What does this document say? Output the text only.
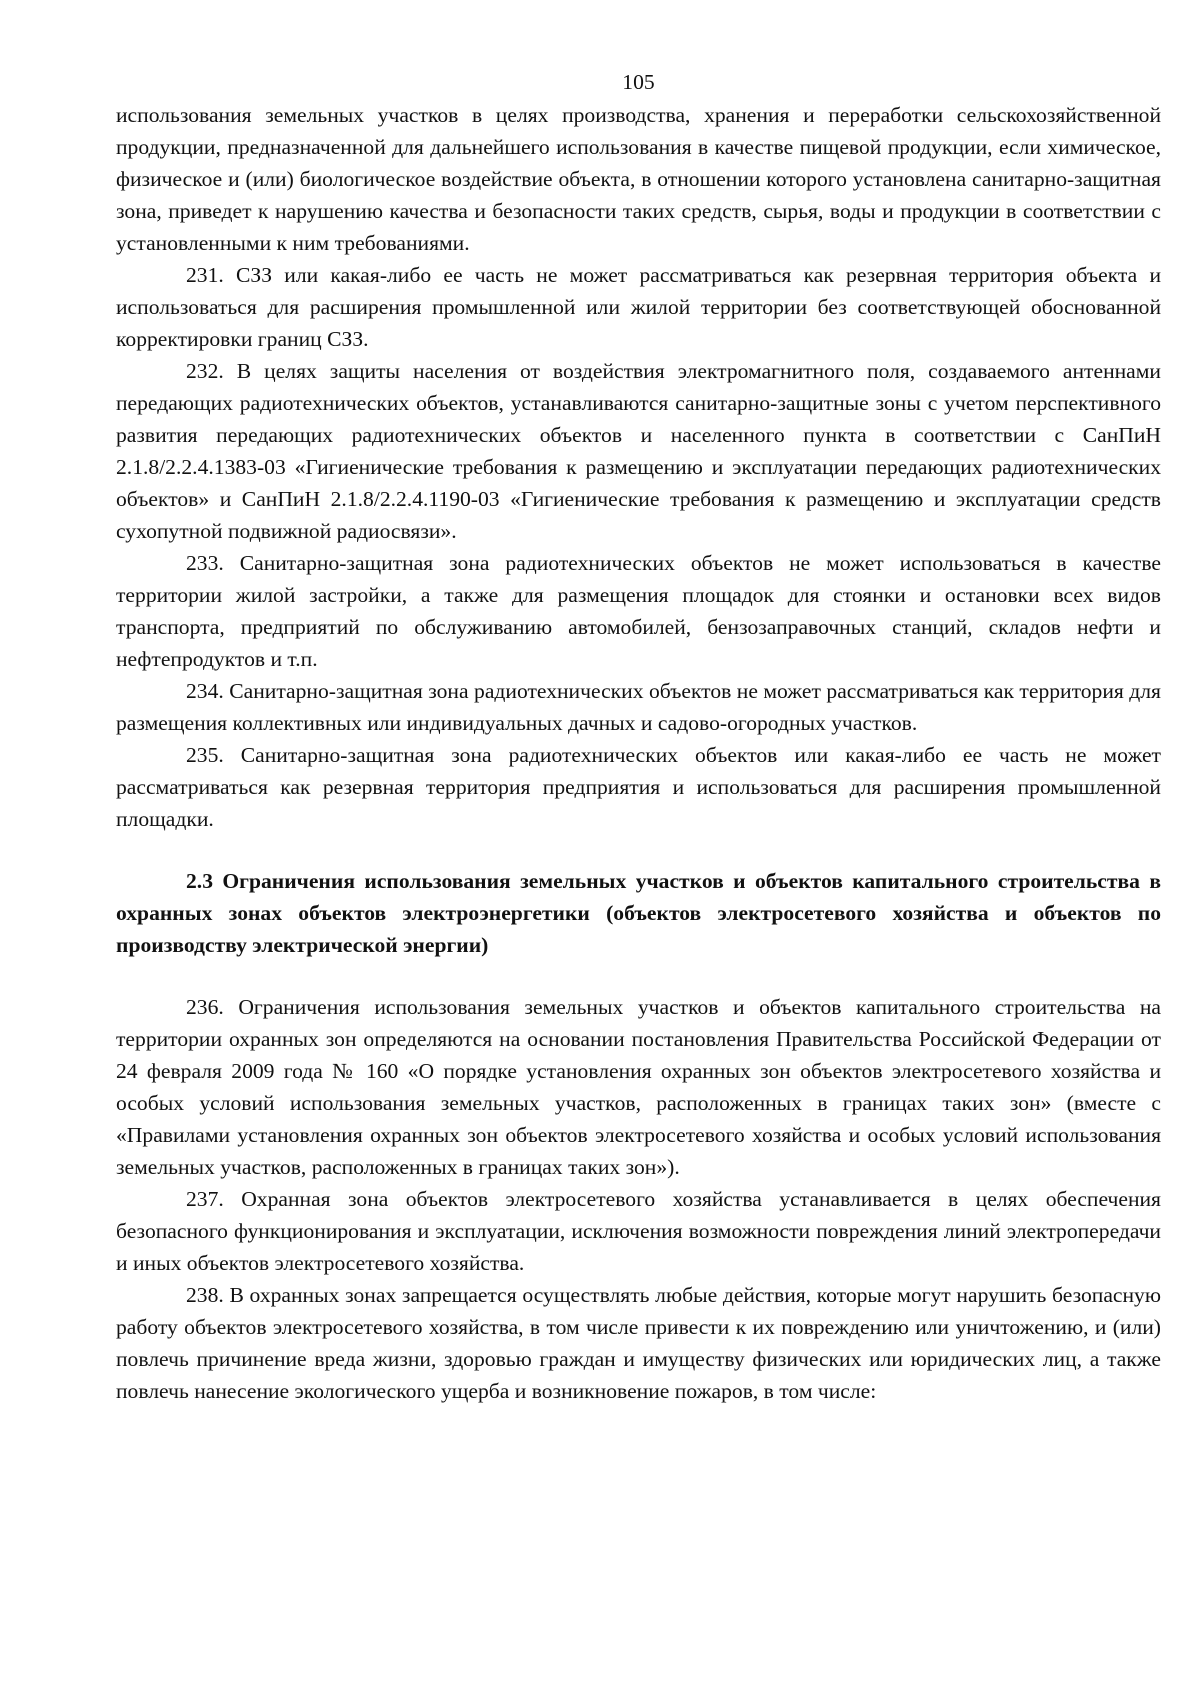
105

использования земельных участков в целях производства, хранения и переработки сельскохозяйственной продукции, предназначенной для дальнейшего использования в качестве пищевой продукции, если химическое, физическое и (или) биологическое воздействие объекта, в отношении которого установлена санитарно-защитная зона, приведет к нарушению качества и безопасности таких средств, сырья, воды и продукции в соответствии с установленными к ним требованиями.

231. СЗЗ или какая-либо ее часть не может рассматриваться как резервная территория объекта и использоваться для расширения промышленной или жилой территории без соответствующей обоснованной корректировки границ СЗЗ.

232. В целях защиты населения от воздействия электромагнитного поля, создаваемого антеннами передающих радиотехнических объектов, устанавливаются санитарно-защитные зоны с учетом перспективного развития передающих радиотехнических объектов и населенного пункта в соответствии с СанПиН 2.1.8/2.2.4.1383-03 «Гигиенические требования к размещению и эксплуатации передающих радиотехнических объектов» и СанПиН 2.1.8/2.2.4.1190-03 «Гигиенические требования к размещению и эксплуатации средств сухопутной подвижной радиосвязи».

233. Санитарно-защитная зона радиотехнических объектов не может использоваться в качестве территории жилой застройки, а также для размещения площадок для стоянки и остановки всех видов транспорта, предприятий по обслуживанию автомобилей, бензозаправочных станций, складов нефти и нефтепродуктов и т.п.

234. Санитарно-защитная зона радиотехнических объектов не может рассматриваться как территория для размещения коллективных или индивидуальных дачных и садово-огородных участков.

235. Санитарно-защитная зона радиотехнических объектов или какая-либо ее часть не может рассматриваться как резервная территория предприятия и использоваться для расширения промышленной площадки.

2.3 Ограничения использования земельных участков и объектов капитального строительства в охранных зонах объектов электроэнергетики (объектов электросетевого хозяйства и объектов по производству электрической энергии)

236. Ограничения использования земельных участков и объектов капитального строительства на территории охранных зон определяются на основании постановления Правительства Российской Федерации от 24 февраля 2009 года № 160 «О порядке установления охранных зон объектов электросетевого хозяйства и особых условий использования земельных участков, расположенных в границах таких зон» (вместе с «Правилами установления охранных зон объектов электросетевого хозяйства и особых условий использования земельных участков, расположенных в границах таких зон»).

237. Охранная зона объектов электросетевого хозяйства устанавливается в целях обеспечения безопасного функционирования и эксплуатации, исключения возможности повреждения линий электропередачи и иных объектов электросетевого хозяйства.

238. В охранных зонах запрещается осуществлять любые действия, которые могут нарушить безопасную работу объектов электросетевого хозяйства, в том числе привести к их повреждению или уничтожению, и (или) повлечь причинение вреда жизни, здоровью граждан и имуществу физических или юридических лиц, а также повлечь нанесение экологического ущерба и возникновение пожаров, в том числе:
